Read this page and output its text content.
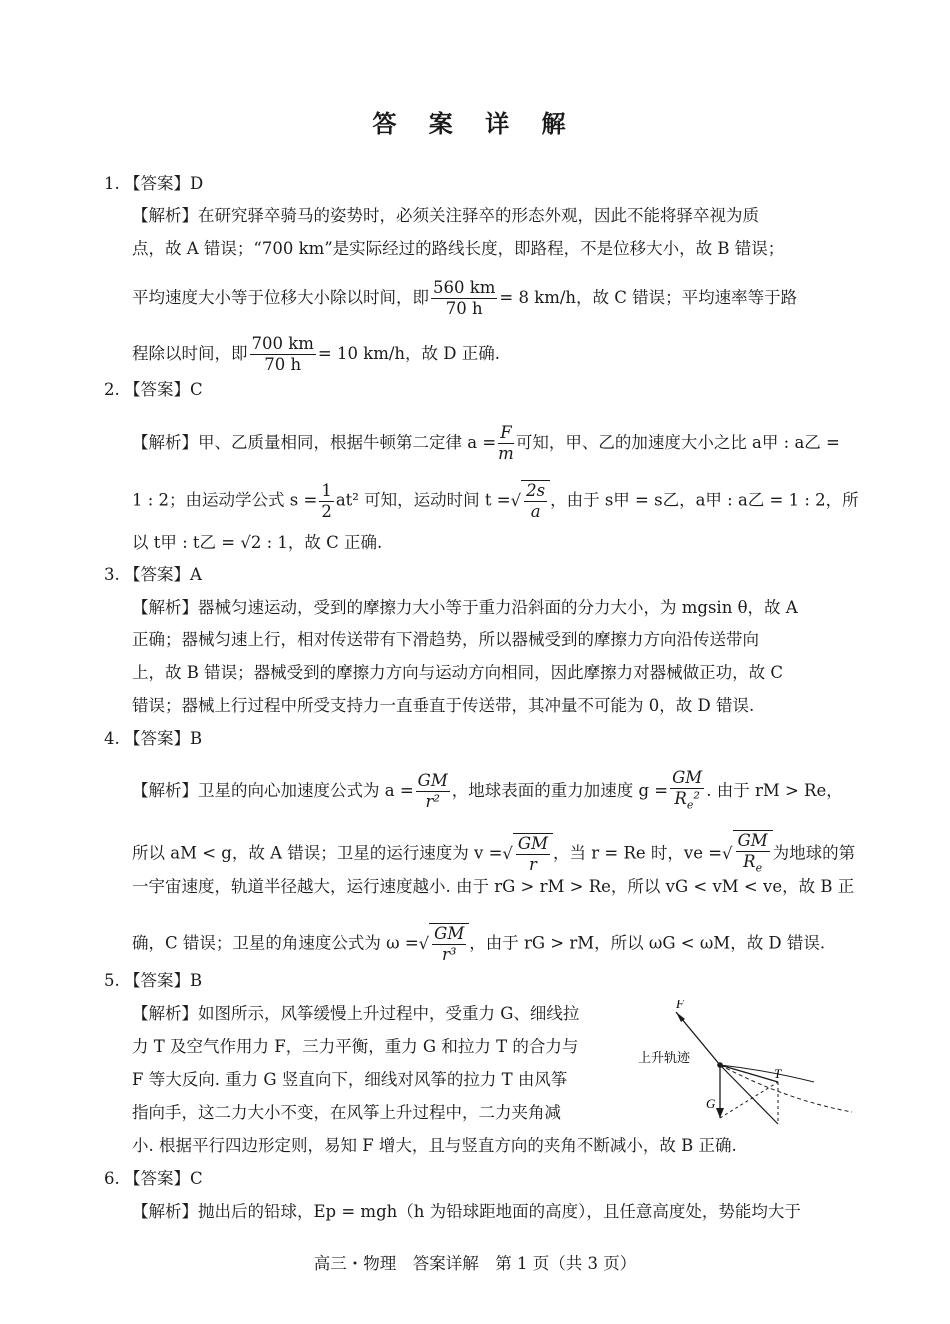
答 案 详 解
1. 【答案】D
【解析】在研究驿卒骑马的姿势时，必须关注驿卒的形态外观，因此不能将驿卒视为质
点，故 A 错误；“700 km”是实际经过的路线长度，即路程，不是位移大小，故 B 错误；
平均速度大小等于位移大小除以时间，即 $\frac{560 km}{70 h} = 8$ km/h，故 C 错误；平均速率等于路
程除以时间，即 $\frac{700 km}{70 h} = 10$ km/h，故 D 正确.
2. 【答案】C
【解析】甲、乙质量相同，根据牛顿第二定律 $a = \frac{F}{m}$ 可知，甲、乙的加速度大小之比 a甲 : a乙 =
1 : 2；由运动学公式 $s = \frac{1}{2} at^2$ 可知，运动时间 t =√ $\frac{2s}{a}$ ，由于 s甲 = s乙，a甲 : a乙 = 1 : 2，所
以 t甲 : t乙 = √2 : 1，故 C 正确.
3. 【答案】A
【解析】器械匀速运动，受到的摩擦力大小等于重力沿斜面的分力大小，为 mgsin θ，故 A
正确；器械匀速上行，相对传送带有下滑趋势，所以器械受到的摩擦力方向沿传送带向
上，故 B 错误；器械受到的摩擦力方向与运动方向相同，因此摩擦力对器械做正功，故 C
错误；器械上行过程中所受支持力一直垂直于传送带，其冲量不可能为 0，故 D 错误.
4. 【答案】B
【解析】卫星的向心加速度公式为 $a = \frac{GM}{\text{r²}}$ ，地球表面的重力加速度 $g = \frac{GM}{R_e^2}$ . 由于 rM > Re，
所以 aM < g，故 A 错误；卫星的运行速度为 v =√ $\frac{GM}{r}$ ，当 r = Re 时，ve =√ $\frac{GM}{R_e}$ 为地球的第
一宇宙速度，轨道半径越大，运行速度越小. 由于 rG > rM > Re，所以 vG < vM < ve，故 B 正
确，C 错误；卫星的角速度公式为 ω =√ $\frac{GM}{\text{r³}}$ ，由于 rG > rM，所以 ωG < ωM，故 D 错误.
5. 【答案】B
【解析】如图所示，风筝缓慢上升过程中，受重力 G、细线拉
力 T 及空气作用力 F，三力平衡，重力 G 和拉力 T 的合力与
F 等大反向. 重力 G 竖直向下，细线对风筝的拉力 T 由风筝
指向手，这二力大小不变，在风筝上升过程中，二力夹角减
小. 根据平行四边形定则，易知 F 增大，且与竖直方向的夹角不断减小，故 B 正确.
F
T
G
上升轨迹
6. 【答案】C
【解析】抛出后的铅球，Ep = mgh（h 为铅球距地面的高度），且任意高度处，势能均大于
高三・物理　答案详解　第 1 页（共 3 页）
